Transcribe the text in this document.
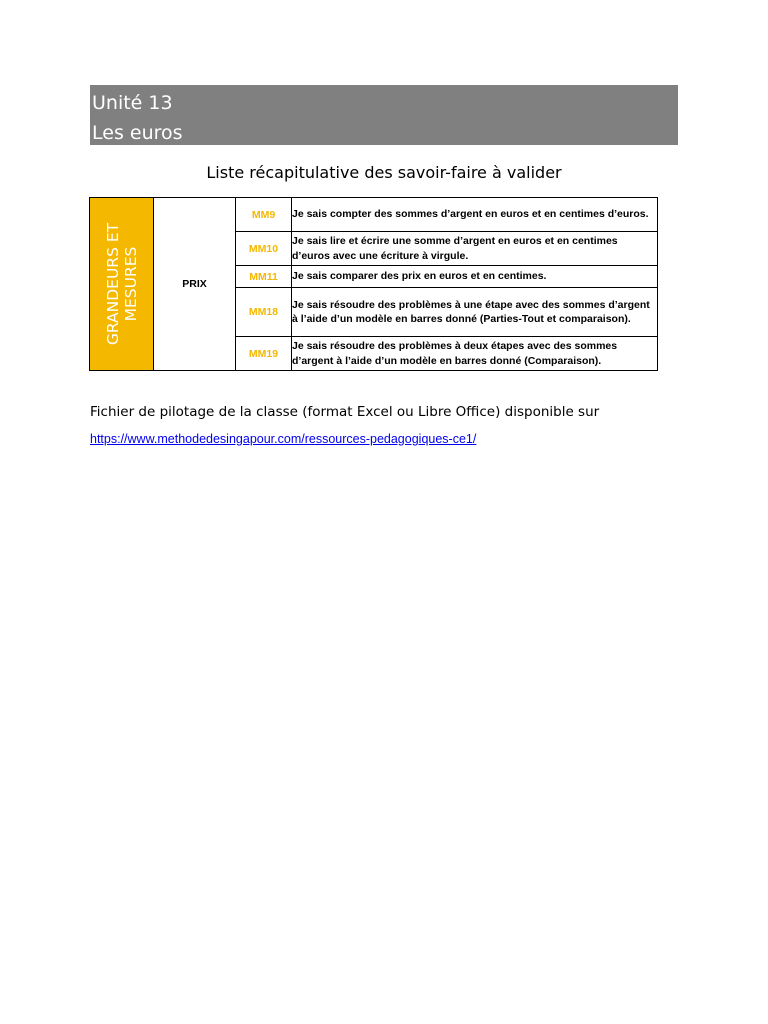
Unité 13
Les euros
Liste récapitulative des savoir-faire à valider
GRANDEURS ET MESURES	PRIX	MM9	Je sais compter des sommes d’argent en euros et en centimes d’euros.
		MM10	Je sais lire et écrire une somme d’argent en euros et en centimes d’euros avec une écriture à virgule.
		MM11	Je sais comparer des prix en euros et en centimes.
		MM18	Je sais résoudre des problèmes à une étape avec des sommes d’argent à l’aide d’un modèle en barres donné (Parties-Tout et comparaison).
		MM19	Je sais résoudre des problèmes à deux étapes avec des sommes d’argent à l’aide d’un modèle en barres donné (Comparaison).
Fichier de pilotage de la classe (format Excel ou Libre Office) disponible sur
https://www.methodedesingapour.com/ressources-pedagogiques-ce1/
